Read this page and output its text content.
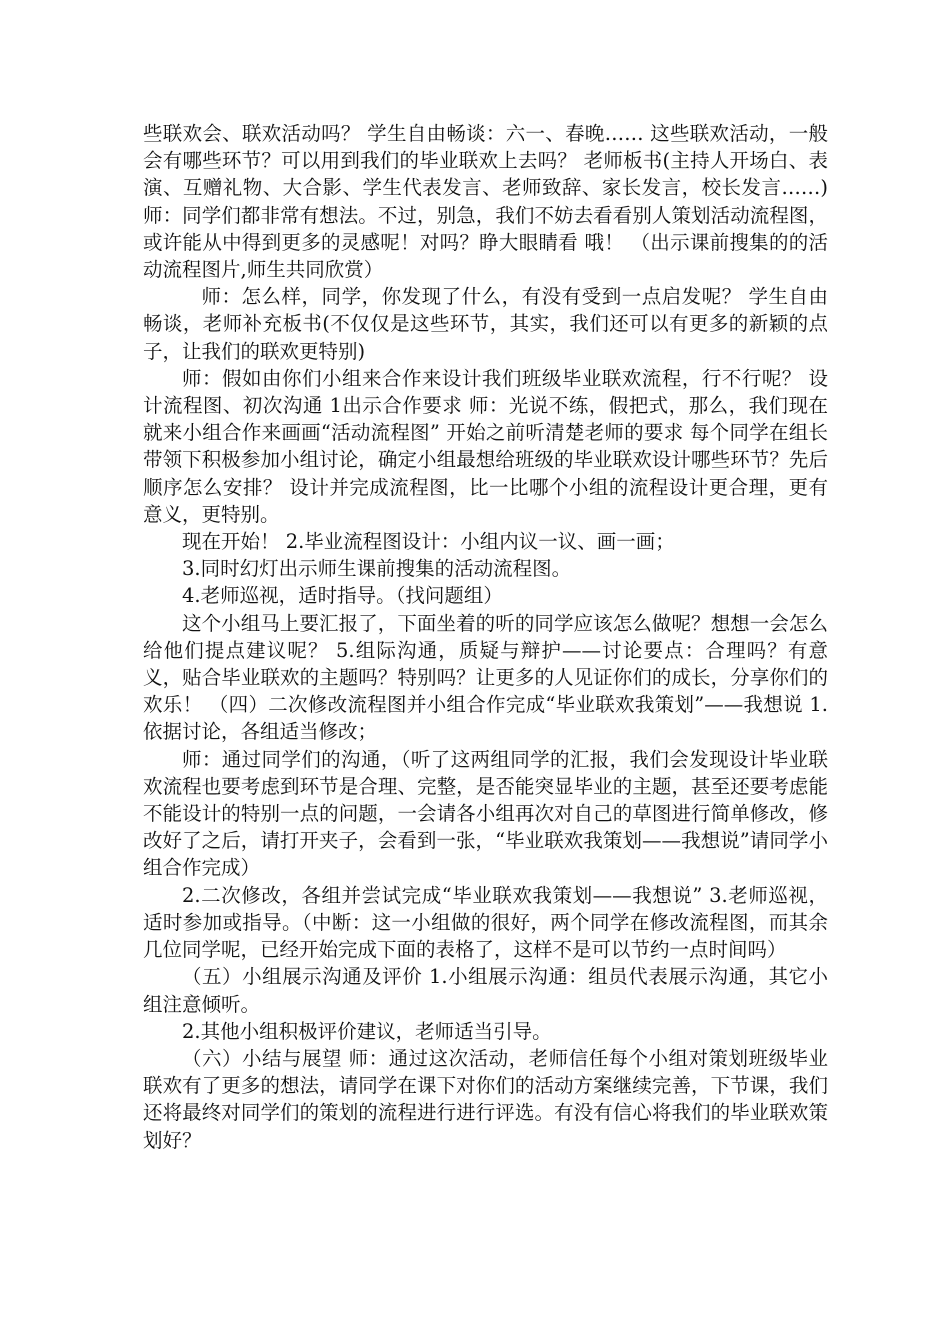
些联欢会、联欢活动吗？ 学生自由畅谈：六一、春晚…… 这些联欢活动，一般会有哪些环节？可以用到我们的毕业联欢上去吗？ 老师板书(主持人开场白、表演、互赠礼物、大合影、学生代表发言、老师致辞、家长发言，校长发言……) 师：同学们都非常有想法。不过，别急，我们不妨去看看别人策划活动流程图，或许能从中得到更多的灵感呢！对吗？睁大眼睛看 哦！ （出示课前搜集的的活动流程图片,师生共同欣赏）

师：怎么样，同学，你发现了什么，有没有受到一点启发呢？ 学生自由畅谈，老师补充板书(不仅仅是这些环节，其实，我们还可以有更多的新颖的点子，让我们的联欢更特别)

师：假如由你们小组来合作来设计我们班级毕业联欢流程，行不行呢？ 设计流程图、初次沟通 1出示合作要求 师：光说不练，假把式，那么，我们现在就来小组合作来画画“活动流程图” 开始之前听清楚老师的要求 每个同学在组长带领下积极参加小组讨论，确定小组最想给班级的毕业联欢设计哪些环节？先后顺序怎么安排？ 设计并完成流程图，比一比哪个小组的流程设计更合理，更有意义，更特别。

现在开始！ 2.毕业流程图设计：小组内议一议、画一画；

3.同时幻灯出示师生课前搜集的活动流程图。

4.老师巡视，适时指导。（找问题组）

这个小组马上要汇报了，下面坐着的听的同学应该怎么做呢？想想一会怎么给他们提点建议呢？ 5.组际沟通，质疑与辩护——讨论要点：合理吗？有意义，贴合毕业联欢的主题吗？特别吗？让更多的人见证你们的成长，分享你们的欢乐！ （四）二次修改流程图并小组合作完成“毕业联欢我策划”——我想说 1.依据讨论，各组适当修改；

师：通过同学们的沟通，（听了这两组同学的汇报，我们会发现设计毕业联欢流程也要考虑到环节是合理、完整，是否能突显毕业的主题，甚至还要考虑能不能设计的特别一点的问题，一会请各小组再次对自己的草图进行简单修改，修改好了之后，请打开夹子，会看到一张，“毕业联欢我策划——我想说”请同学小组合作完成）

2.二次修改，各组并尝试完成“毕业联欢我策划——我想说” 3.老师巡视，适时参加或指导。（中断：这一小组做的很好，两个同学在修改流程图，而其余几位同学呢，已经开始完成下面的表格了，这样不是可以节约一点时间吗）

（五）小组展示沟通及评价 1.小组展示沟通：组员代表展示沟通，其它小组注意倾听。

2.其他小组积极评价建议，老师适当引导。

（六）小结与展望 师：通过这次活动，老师信任每个小组对策划班级毕业联欢有了更多的想法，请同学在课下对你们的活动方案继续完善，下节课，我们还将最终对同学们的策划的流程进行进行评选。有没有信心将我们的毕业联欢策划好？
